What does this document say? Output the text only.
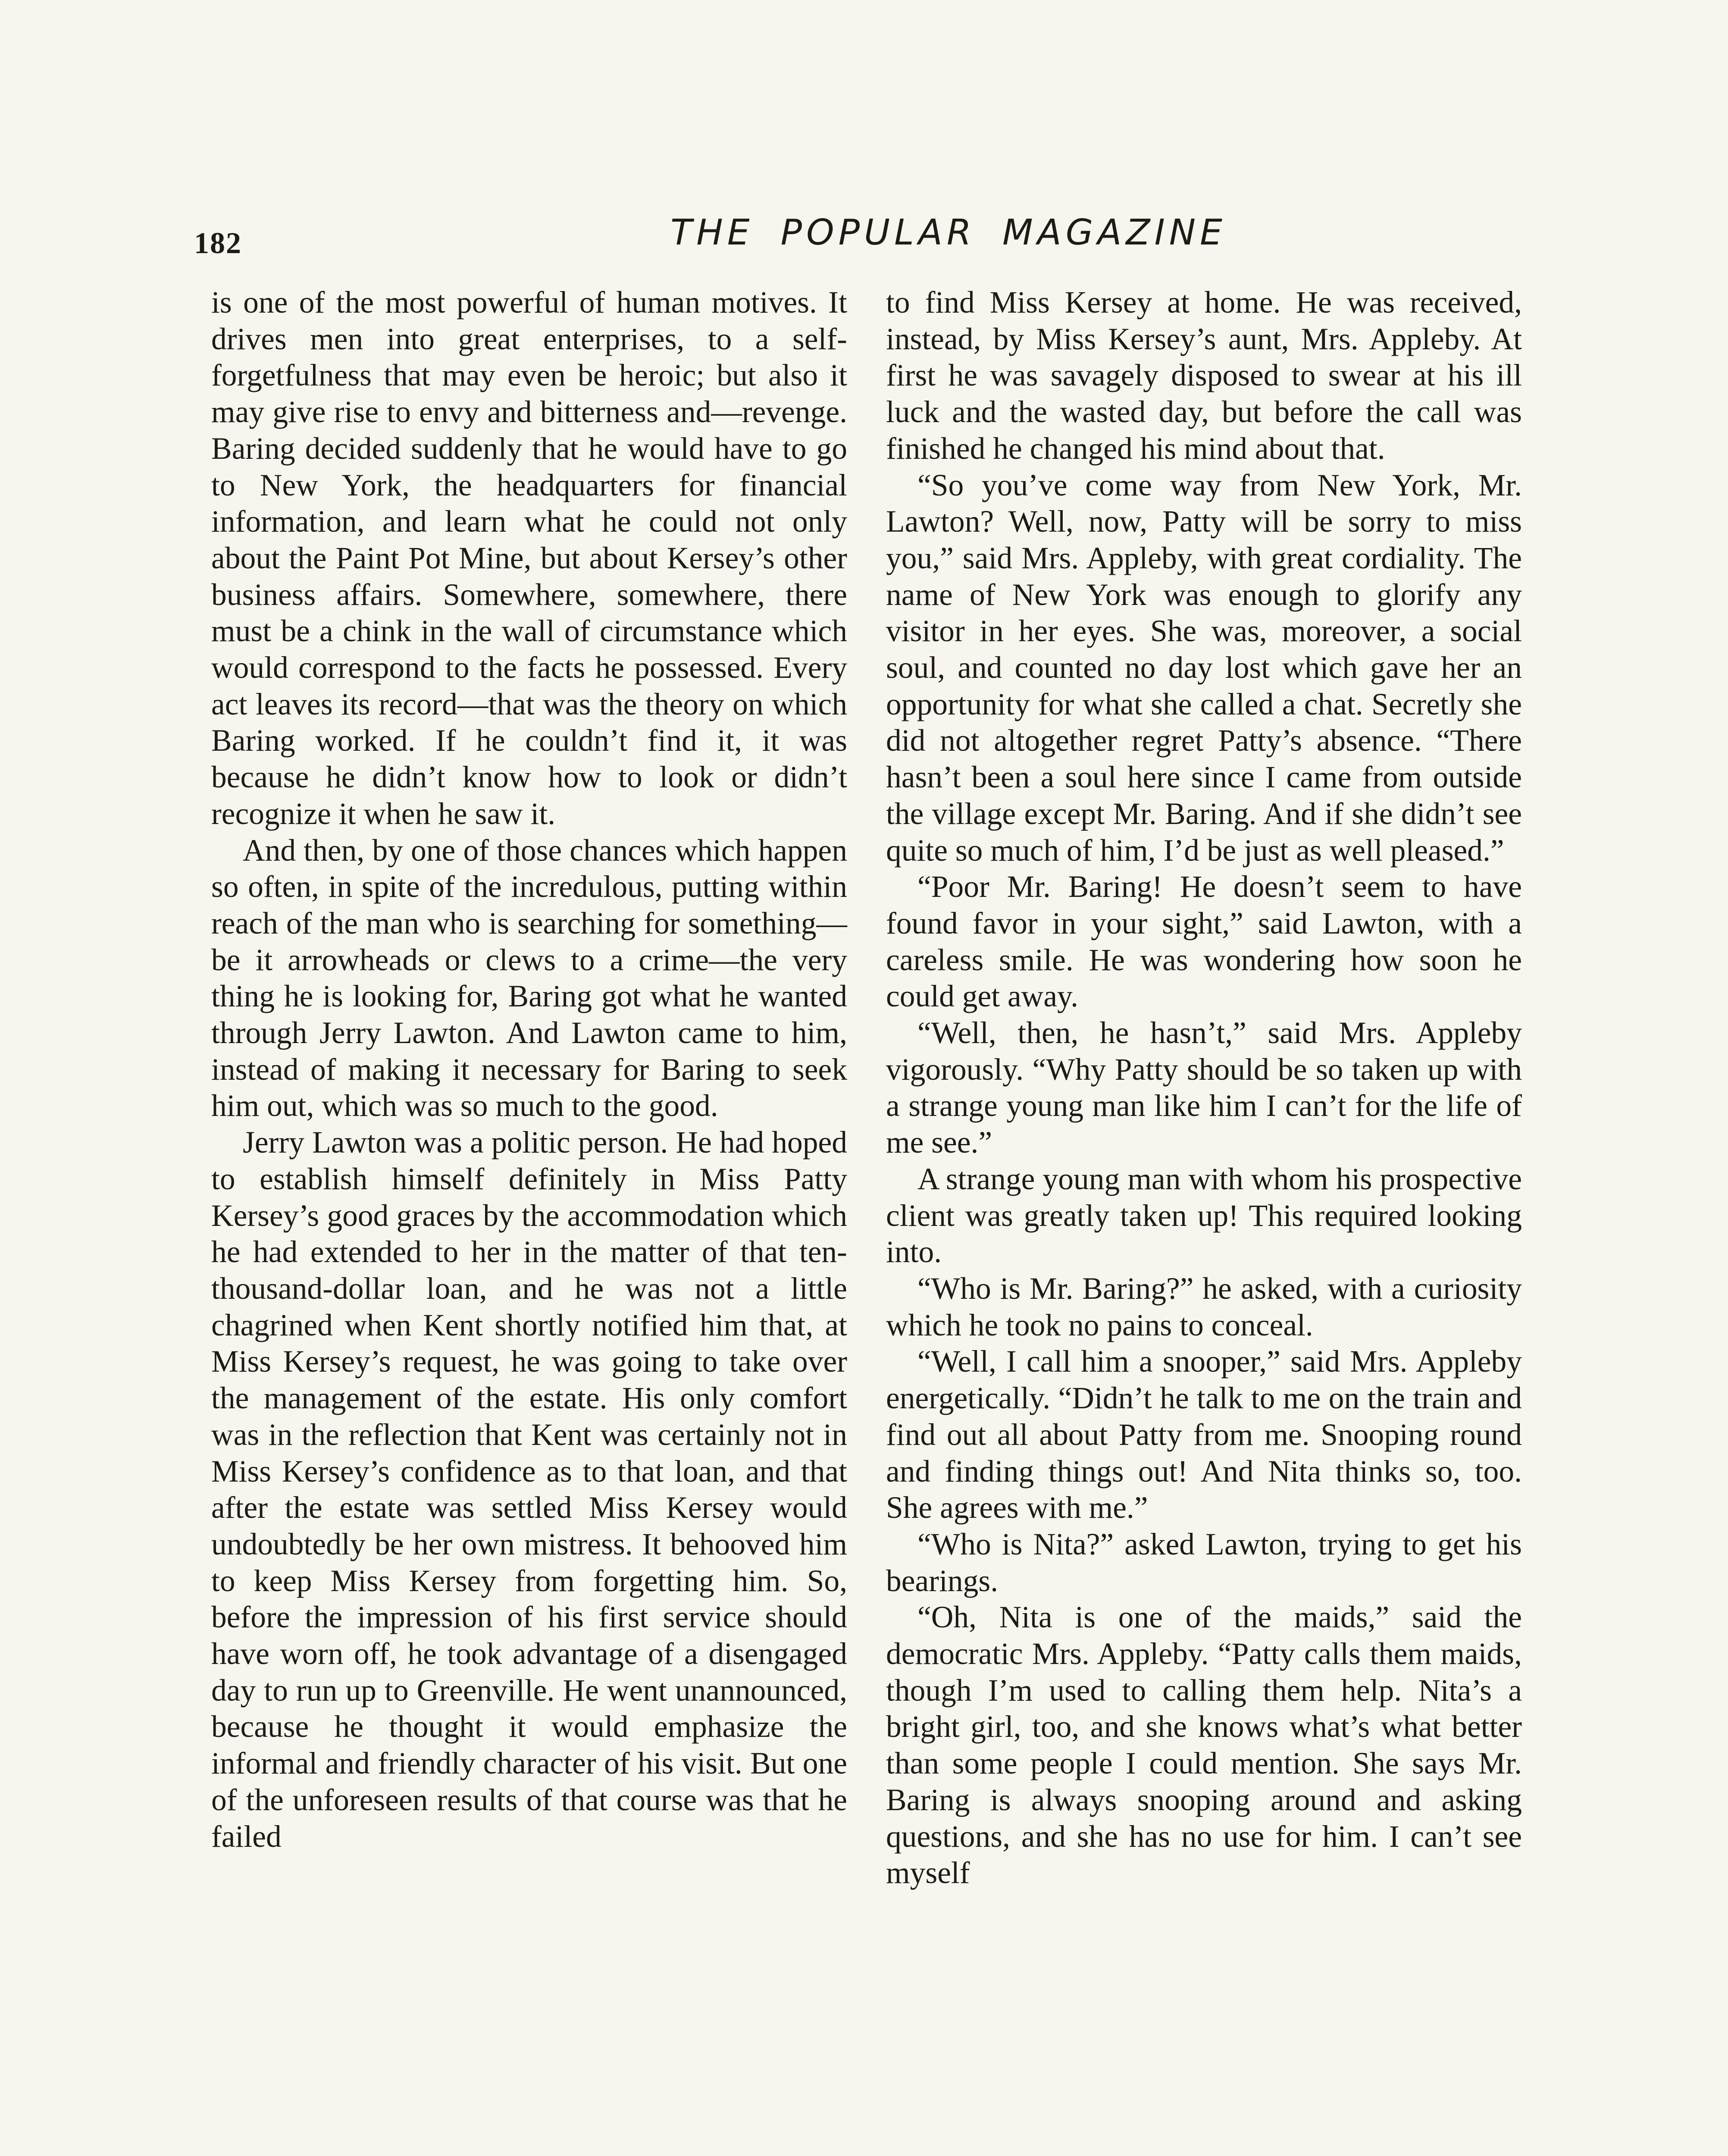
182	THE POPULAR MAGAZINE

is one of the most powerful of human motives. It drives men into great enterprises, to a self-forgetfulness that may even be heroic; but also it may give rise to envy and bitterness and—revenge. Baring decided suddenly that he would have to go to New York, the headquarters for financial information, and learn what he could not only about the Paint Pot Mine, but about Kersey’s other business affairs. Somewhere, somewhere, there must be a chink in the wall of circumstance which would correspond to the facts he possessed. Every act leaves its record—that was the theory on which Baring worked. If he couldn’t find it, it was because he didn’t know how to look or didn’t recognize it when he saw it.

And then, by one of those chances which happen so often, in spite of the incredulous, putting within reach of the man who is searching for something—be it arrowheads or clews to a crime—the very thing he is looking for, Baring got what he wanted through Jerry Lawton. And Lawton came to him, instead of making it necessary for Baring to seek him out, which was so much to the good.

Jerry Lawton was a politic person. He had hoped to establish himself definitely in Miss Patty Kersey’s good graces by the accommodation which he had extended to her in the matter of that ten-thousand-dollar loan, and he was not a little chagrined when Kent shortly notified him that, at Miss Kersey’s request, he was going to take over the management of the estate. His only comfort was in the reflection that Kent was certainly not in Miss Kersey’s confidence as to that loan, and that after the estate was settled Miss Kersey would undoubtedly be her own mistress. It behooved him to keep Miss Kersey from forgetting him. So, before the impression of his first service should have worn off, he took advantage of a disengaged day to run up to Greenville. He went unannounced, because he thought it would emphasize the informal and friendly character of his visit. But one of the unforeseen results of that course was that he failed

to find Miss Kersey at home. He was received, instead, by Miss Kersey’s aunt, Mrs. Appleby. At first he was savagely disposed to swear at his ill luck and the wasted day, but before the call was finished he changed his mind about that.

“So you’ve come way from New York, Mr. Lawton? Well, now, Patty will be sorry to miss you,” said Mrs. Appleby, with great cordiality. The name of New York was enough to glorify any visitor in her eyes. She was, moreover, a social soul, and counted no day lost which gave her an opportunity for what she called a chat. Secretly she did not altogether regret Patty’s absence. “There hasn’t been a soul here since I came from outside the village except Mr. Baring. And if she didn’t see quite so much of him, I’d be just as well pleased.”

“Poor Mr. Baring! He doesn’t seem to have found favor in your sight,” said Lawton, with a careless smile. He was wondering how soon he could get away.

“Well, then, he hasn’t,” said Mrs. Appleby vigorously. “Why Patty should be so taken up with a strange young man like him I can’t for the life of me see.”

A strange young man with whom his prospective client was greatly taken up! This required looking into.

“Who is Mr. Baring?” he asked, with a curiosity which he took no pains to conceal.

“Well, I call him a snooper,” said Mrs. Appleby energetically. “Didn’t he talk to me on the train and find out all about Patty from me. Snooping round and finding things out! And Nita thinks so, too. She agrees with me.”

“Who is Nita?” asked Lawton, trying to get his bearings.

“Oh, Nita is one of the maids,” said the democratic Mrs. Appleby. “Patty calls them maids, though I’m used to calling them help. Nita’s a bright girl, too, and she knows what’s what better than some people I could mention. She says Mr. Baring is always snooping around and asking questions, and she has no use for him. I can’t see myself
